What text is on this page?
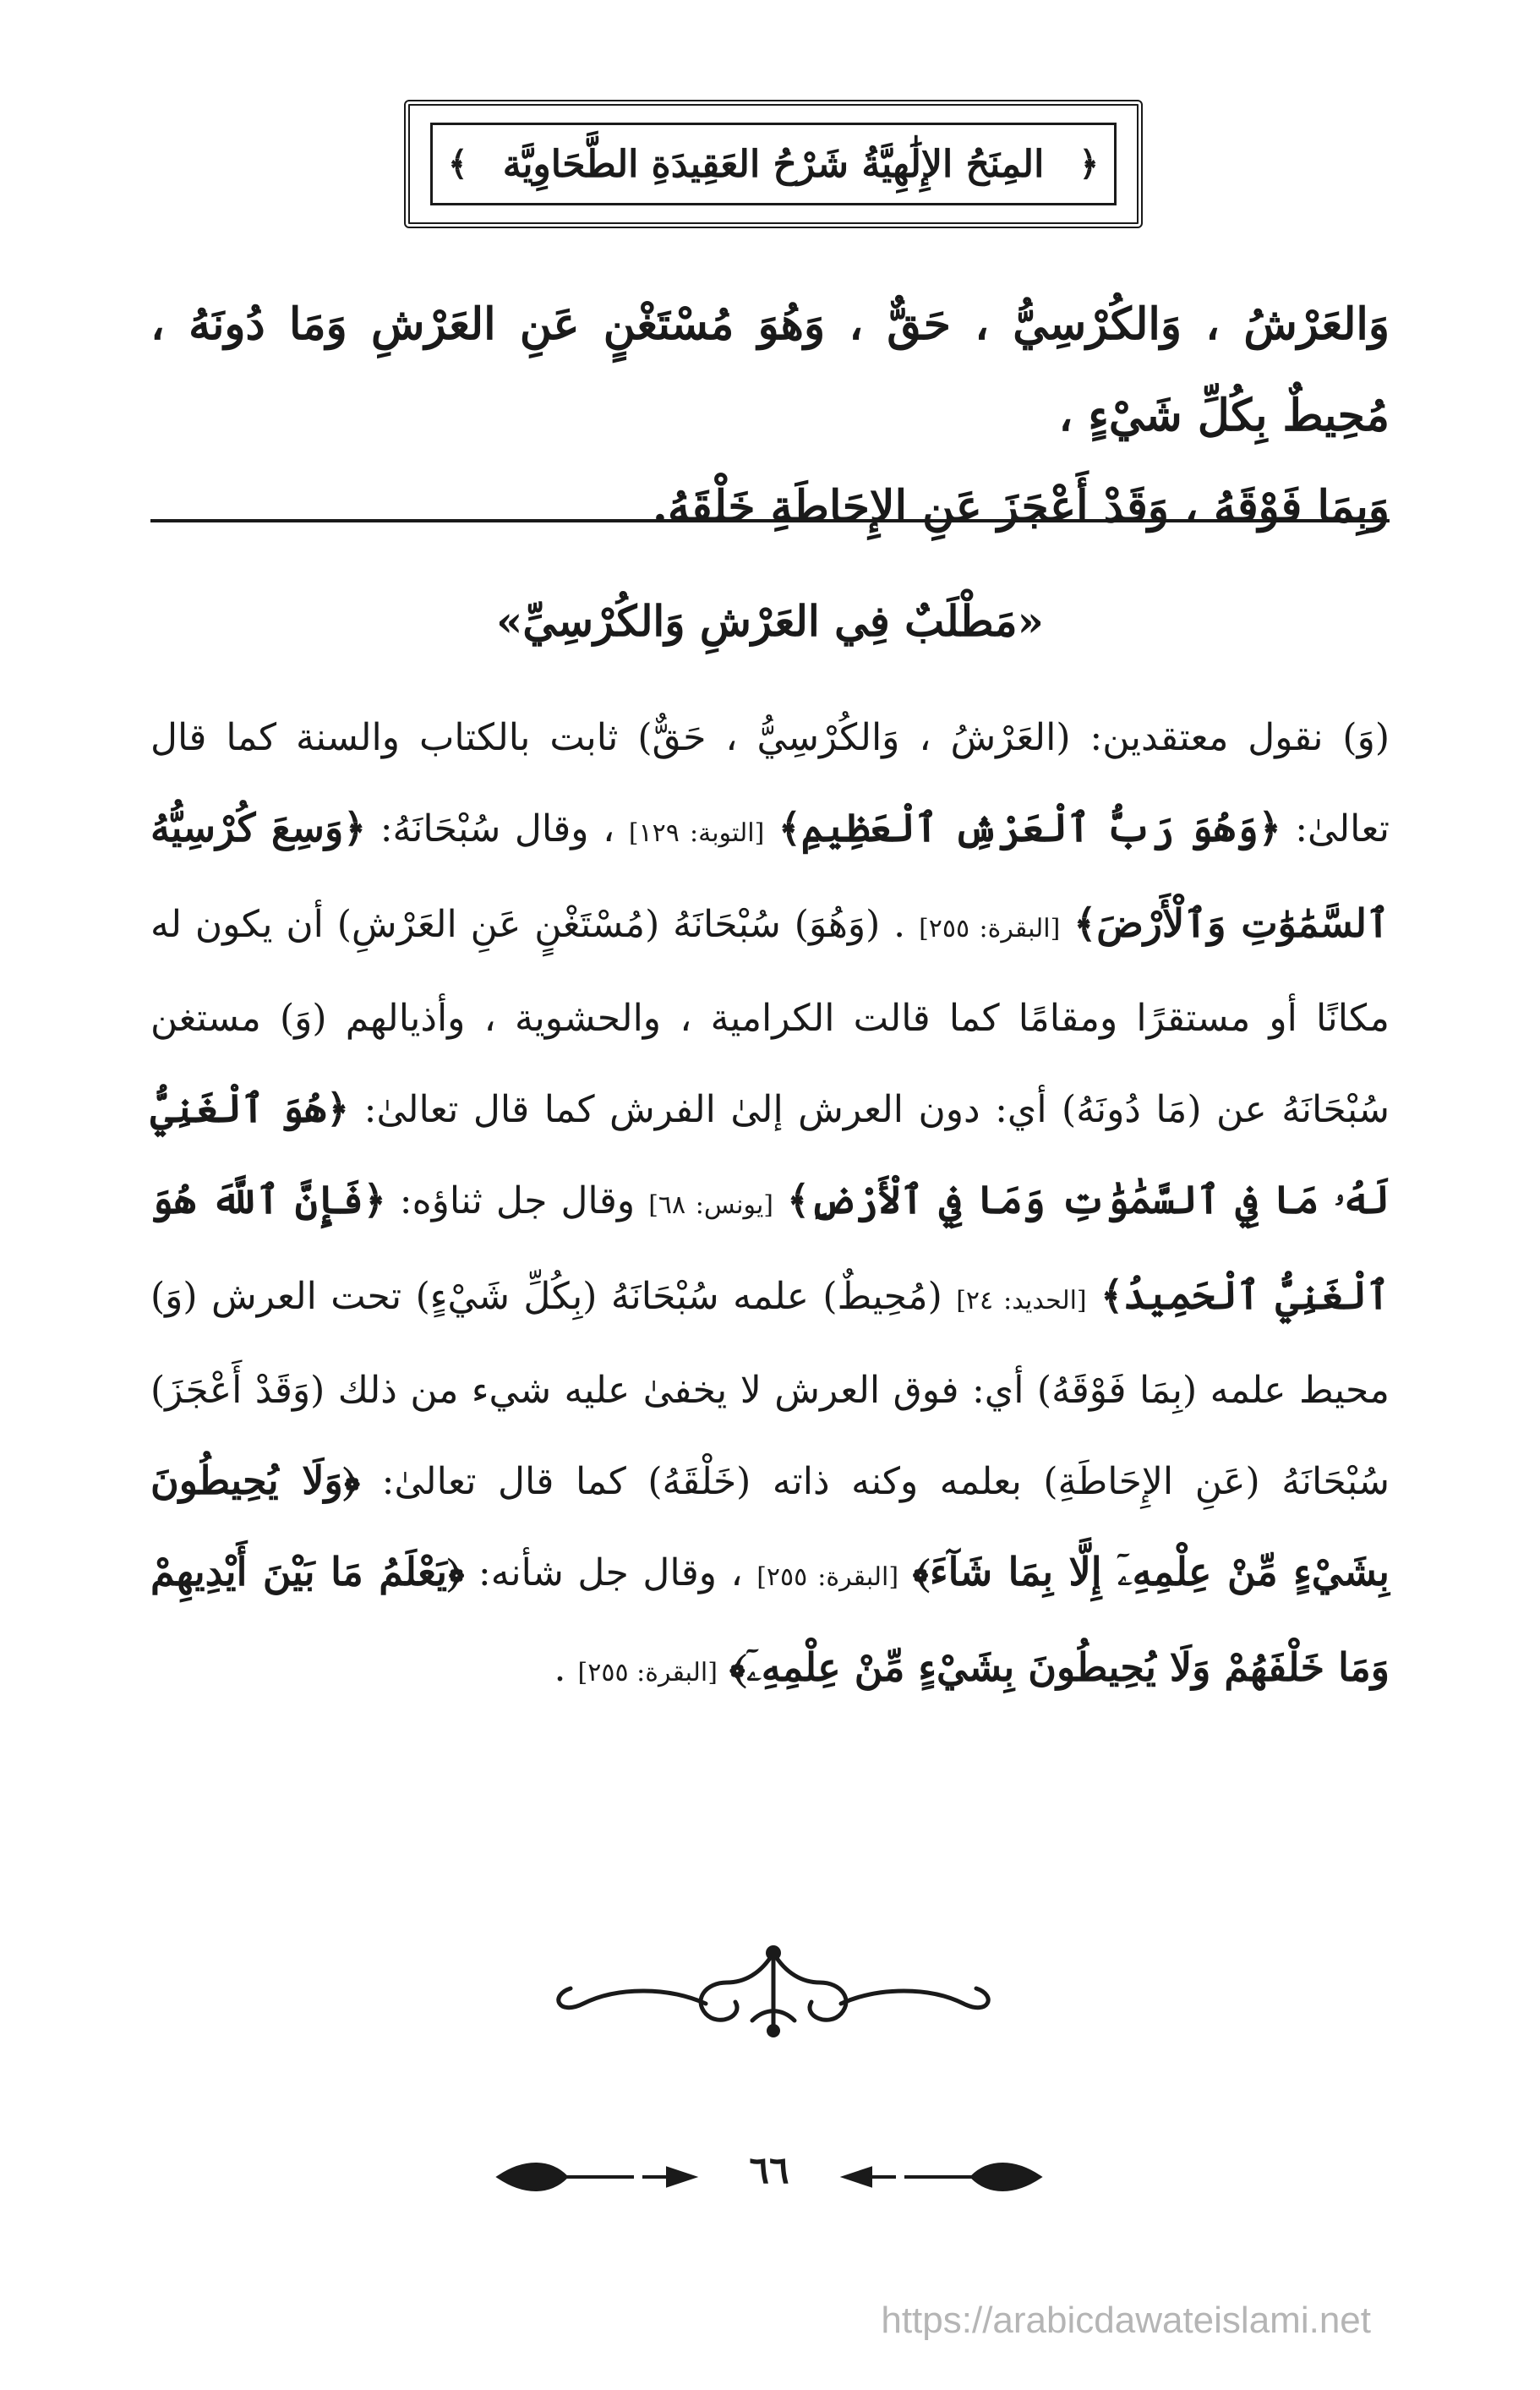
﴿
المِنَحُ الإِلَٰهِيَّةُ شَرْحُ العَقِيدَةِ الطَّحَاوِيَّة
﴾
وَالعَرْشُ ، وَالكُرْسِيُّ ، حَقٌّ ، وَهُوَ مُسْتَغْنٍ عَنِ العَرْشِ وَمَا دُونَهُ ، مُحِيطٌ بِكُلِّ شَيْءٍ ،
وَبِمَا فَوْقَهُ ، وَقَدْ أَعْجَزَ عَنِ الإِحَاطَةِ خَلْقَهُ.
«مَطْلَبٌ فِي العَرْشِ وَالكُرْسِيِّ»
(وَ) نقول معتقدين: (العَرْشُ ، وَالكُرْسِيُّ ، حَقٌّ) ثابت بالكتاب والسنة كما قال تعالىٰ: ﴿وَهُوَ رَبُّ ٱلْعَرْشِ ٱلْعَظِيمِ﴾ [التوبة: ١٢٩] ، وقال سُبْحَانَهُ: ﴿وَسِعَ كُرْسِيُّهُ ٱلسَّمَٰوَٰتِ وَٱلْأَرْضَ﴾ [البقرة: ٢٥٥] . (وَهُوَ) سُبْحَانَهُ (مُسْتَغْنٍ عَنِ العَرْشِ) أن يكون له مكانًا أو مستقرًا ومقامًا كما قالت الكرامية ، والحشوية ، وأذيالهم (وَ) مستغن سُبْحَانَهُ عن (مَا دُونَهُ) أي: دون العرش إلىٰ الفرش كما قال تعالىٰ: ﴿هُوَ ٱلْغَنِيُّ لَهُۥ مَا فِي ٱلسَّمَٰوَٰتِ وَمَا فِي ٱلْأَرْضِ﴾ [يونس: ٦٨] وقال جل ثناؤه: ﴿فَإِنَّ ٱللَّهَ هُوَ ٱلْغَنِيُّ ٱلْحَمِيدُ﴾ [الحديد: ٢٤] (مُحِيطٌ) علمه سُبْحَانَهُ (بِكُلِّ شَيْءٍ) تحت العرش (وَ) محيط علمه (بِمَا فَوْقَهُ) أي: فوق العرش لا يخفىٰ عليه شيء من ذلك (وَقَدْ أَعْجَزَ) سُبْحَانَهُ (عَنِ الإِحَاطَةِ) بعلمه وكنه ذاته (خَلْقَهُ) كما قال تعالىٰ: ﴿وَلَا يُحِيطُونَ بِشَيْءٍ مِّنْ عِلْمِهِۦٓ إِلَّا بِمَا شَآءَ﴾ [البقرة: ٢٥٥] ، وقال جل شأنه: ﴿يَعْلَمُ مَا بَيْنَ أَيْدِيهِمْ وَمَا خَلْفَهُمْ وَلَا يُحِيطُونَ بِشَيْءٍ مِّنْ عِلْمِهِۦٓ﴾ [البقرة: ٢٥٥] .
٦٦
https://arabicdawateislami.net
